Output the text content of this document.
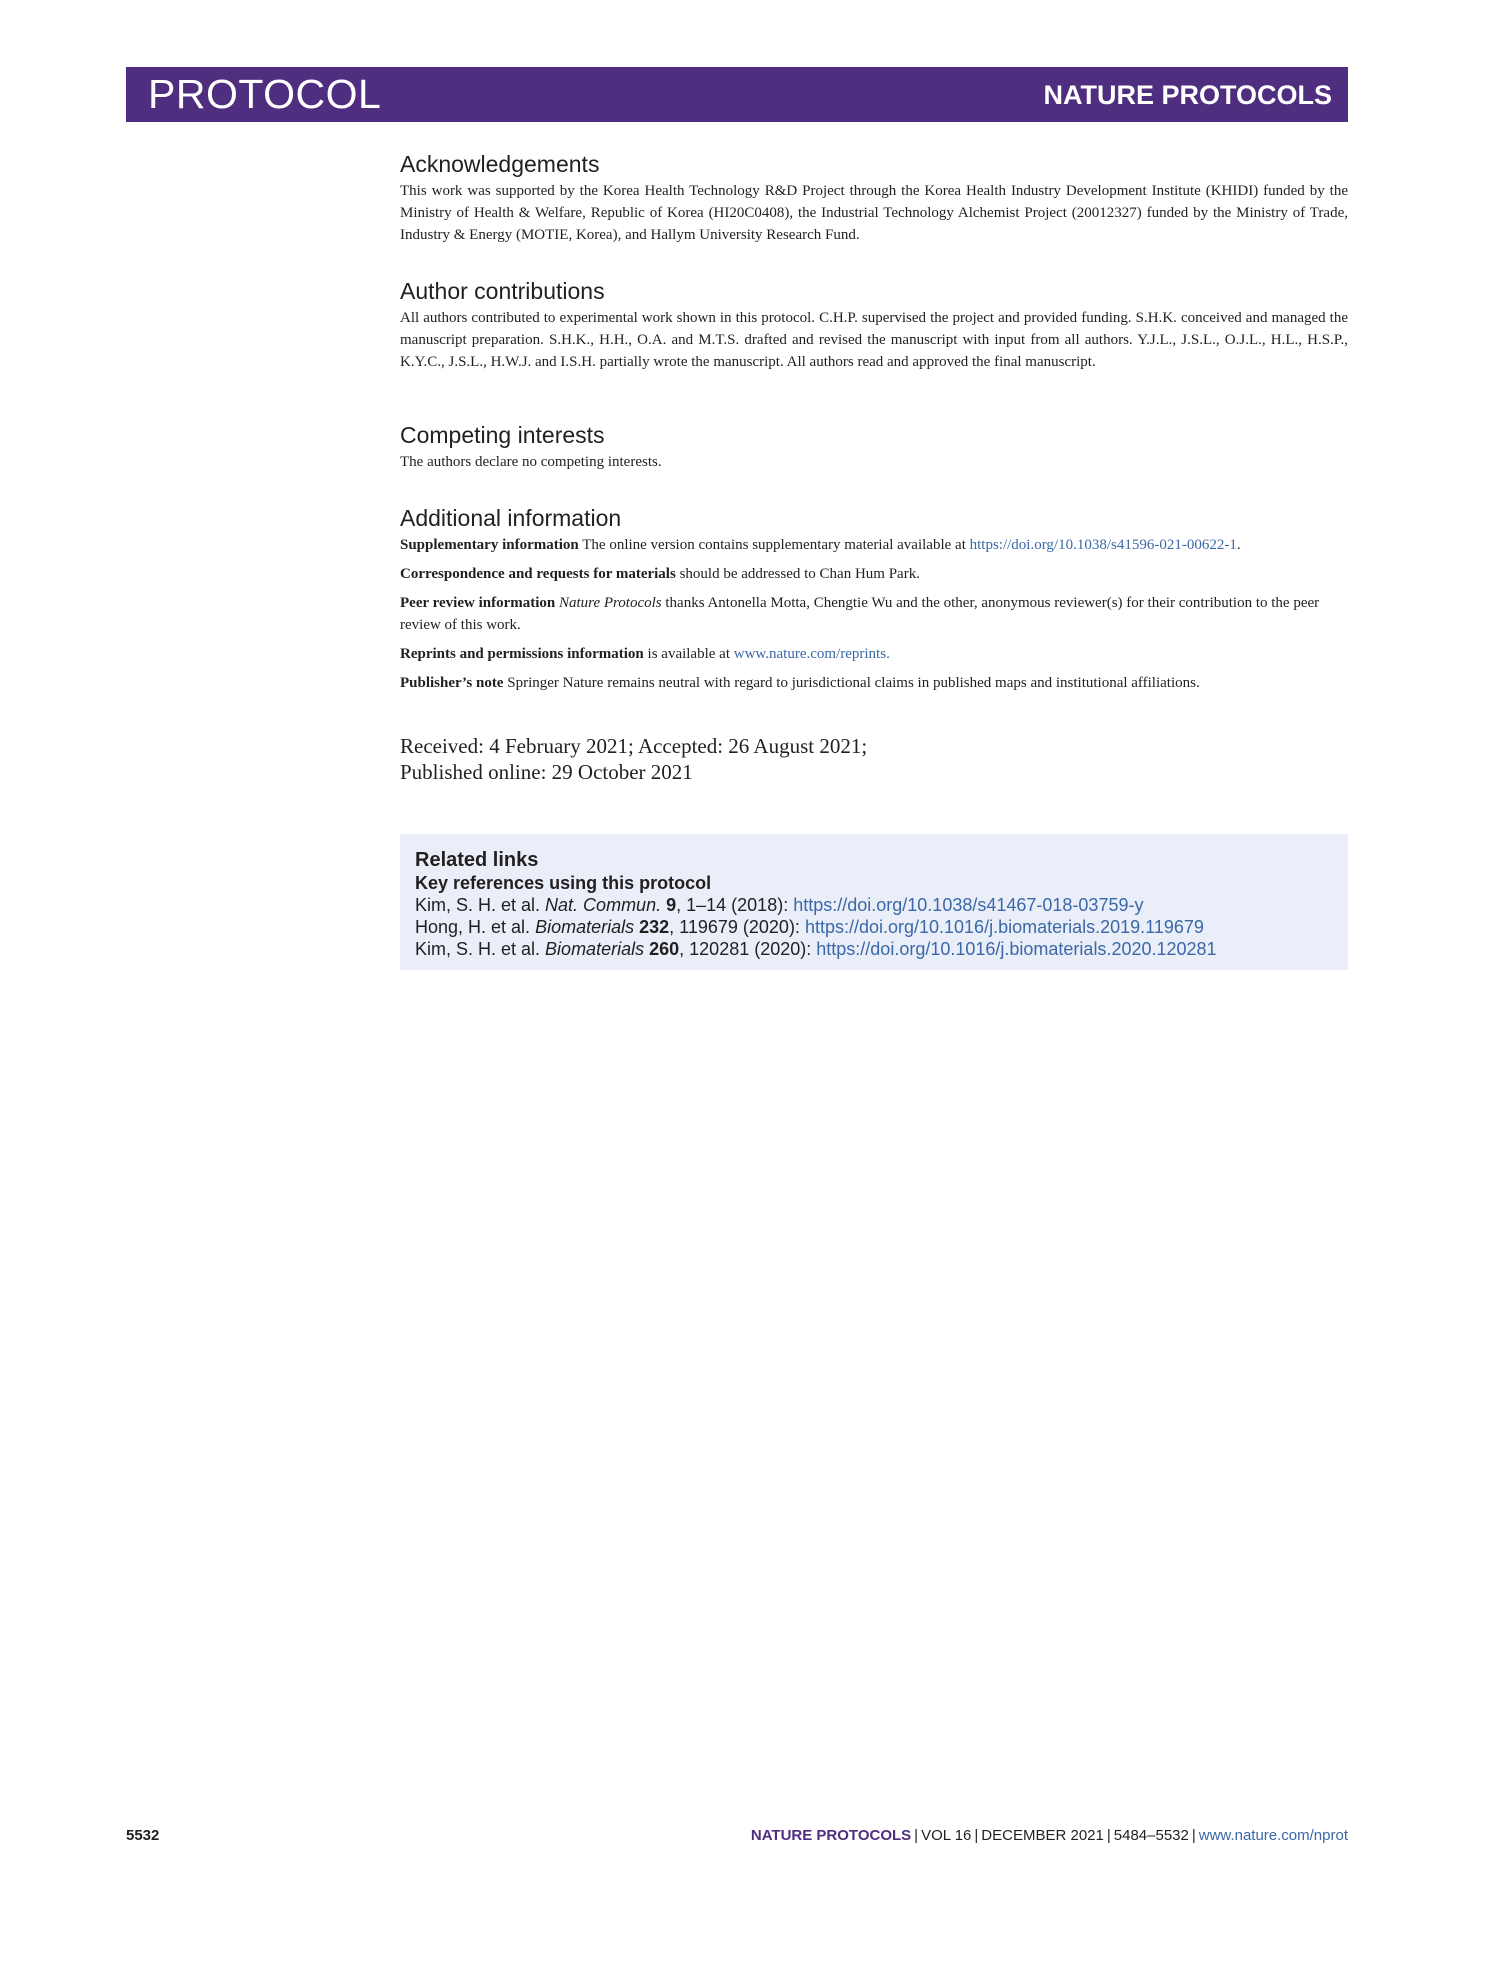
PROTOCOL	NATURE PROTOCOLS
Acknowledgements

This work was supported by the Korea Health Technology R&D Project through the Korea Health Industry Development Institute (KHIDI) funded by the Ministry of Health & Welfare, Republic of Korea (HI20C0408), the Industrial Technology Alchemist Project (20012327) funded by the Ministry of Trade, Industry & Energy (MOTIE, Korea), and Hallym University Research Fund.

Author contributions

All authors contributed to experimental work shown in this protocol. C.H.P. supervised the project and provided funding. S.H.K. conceived and managed the manuscript preparation. S.H.K., H.H., O.A. and M.T.S. drafted and revised the manuscript with input from all authors. Y.J.L., J.S.L., O.J.L., H.L., H.S.P., K.Y.C., J.S.L., H.W.J. and I.S.H. partially wrote the manuscript. All authors read and approved the final manuscript.

Competing interests

The authors declare no competing interests.

Additional information

Supplementary information The online version contains supplementary material available at https://doi.org/10.1038/s41596-021-00622-1.

Correspondence and requests for materials should be addressed to Chan Hum Park.

Peer review information Nature Protocols thanks Antonella Motta, Chengtie Wu and the other, anonymous reviewer(s) for their contribution to the peer review of this work.

Reprints and permissions information is available at www.nature.com/reprints.

Publisher’s note Springer Nature remains neutral with regard to jurisdictional claims in published maps and institutional affiliations.

Received: 4 February 2021; Accepted: 26 August 2021;
Published online: 29 October 2021
Related links
Key references using this protocol
Kim, S. H. et al. Nat. Commun. 9, 1–14 (2018): https://doi.org/10.1038/s41467-018-03759-y
Hong, H. et al. Biomaterials 232, 119679 (2020): https://doi.org/10.1016/j.biomaterials.2019.119679
Kim, S. H. et al. Biomaterials 260, 120281 (2020): https://doi.org/10.1016/j.biomaterials.2020.120281
5532	NATURE PROTOCOLS | VOL 16 | DECEMBER 2021 | 5484–5532 | www.nature.com/nprot
